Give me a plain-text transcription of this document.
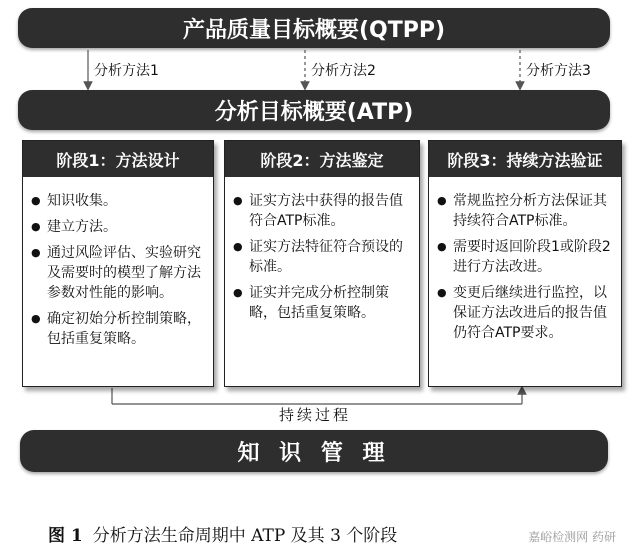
产品质量目标概要(QTPP)
分析方法1	分析方法2	分析方法3
分析目标概要(ATP)
阶段1：方法设计
● 知识收集。
● 建立方法。
● 通过风险评估、实验研究及需要时的模型了解方法参数对性能的影响。
● 确定初始分析控制策略，包括重复策略。
阶段2：方法鉴定
● 证实方法中获得的报告值符合ATP标准。
● 证实方法特征符合预设的标准。
● 证实并完成分析控制策略，包括重复策略。
阶段3：持续方法验证
● 常规监控分析方法保证其持续符合ATP标准。
● 需要时返回阶段1或阶段2进行方法改进。
● 变更后继续进行监控，以保证方法改进后的报告值仍符合ATP要求。
持续过程
知 识 管 理
图 1 分析方法生命周期中 ATP 及其 3 个阶段	嘉峪检测网 药研
